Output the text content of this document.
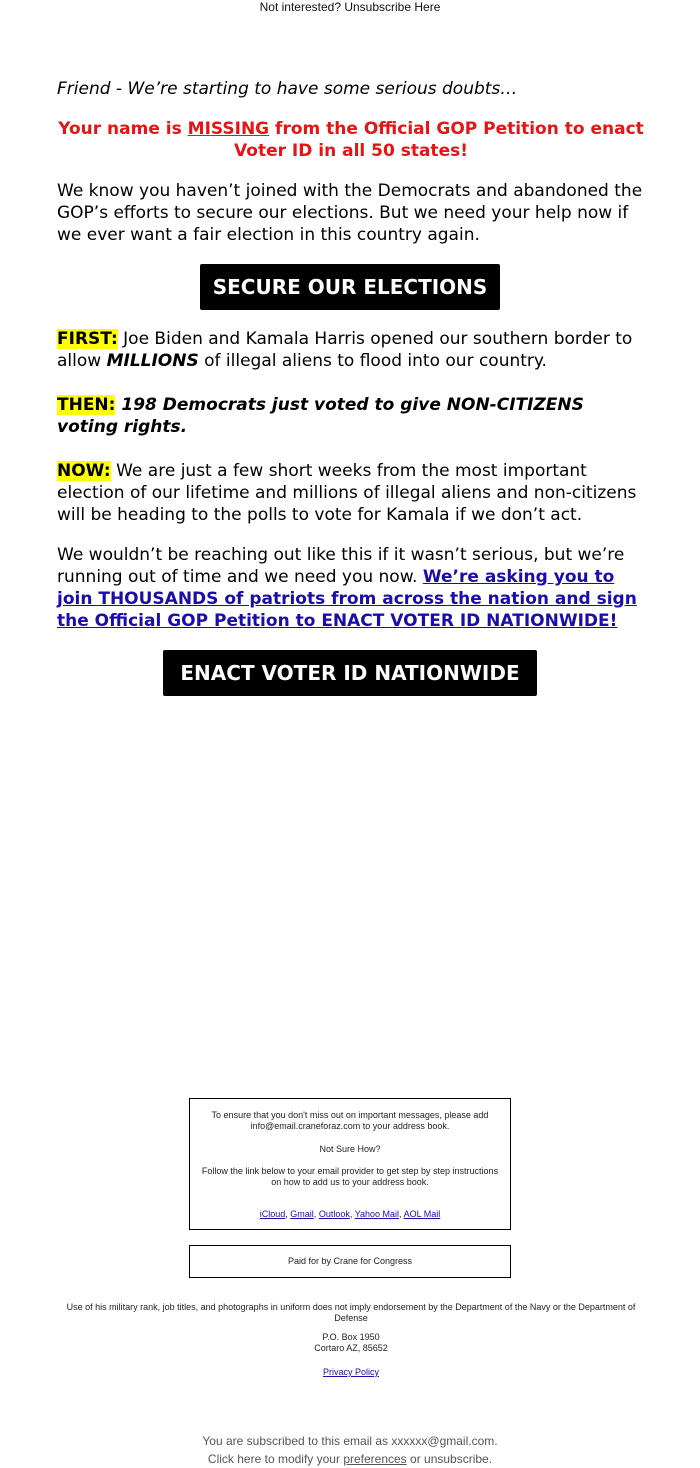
Not interested? Unsubscribe Here
Friend - We’re starting to have some serious doubts…
Your name is MISSING from the Official GOP Petition to enact Voter ID in all 50 states!
We know you haven’t joined with the Democrats and abandoned the GOP’s efforts to secure our elections. But we need your help now if we ever want a fair election in this country again.
SECURE OUR ELECTIONS
FIRST: Joe Biden and Kamala Harris opened our southern border to allow MILLIONS of illegal aliens to flood into our country.
THEN: 198 Democrats just voted to give NON-CITIZENS voting rights.
NOW: We are just a few short weeks from the most important election of our lifetime and millions of illegal aliens and non-citizens will be heading to the polls to vote for Kamala if we don’t act.
We wouldn’t be reaching out like this if it wasn’t serious, but we’re running out of time and we need you now. We’re asking you to join THOUSANDS of patriots from across the nation and sign the Official GOP Petition to ENACT VOTER ID NATIONWIDE!
ENACT VOTER ID NATIONWIDE

To ensure that you don't miss out on important messages, please add info@email.craneforaz.com to your address book.

Not Sure How?

Follow the link below to your email provider to get step by step instructions on how to add us to your address book.

iCloud, Gmail, Outlook, Yahoo Mail, AOL Mail

Paid for by Crane for Congress
Use of his military rank, job titles, and photographs in uniform does not imply endorsement by the Department of the Navy or the Department of Defense
P.O. Box 1950
Cortaro AZ, 85652
Privacy Policy
You are subscribed to this email as xxxxxx@gmail.com.
Click here to modify your preferences or unsubscribe.
